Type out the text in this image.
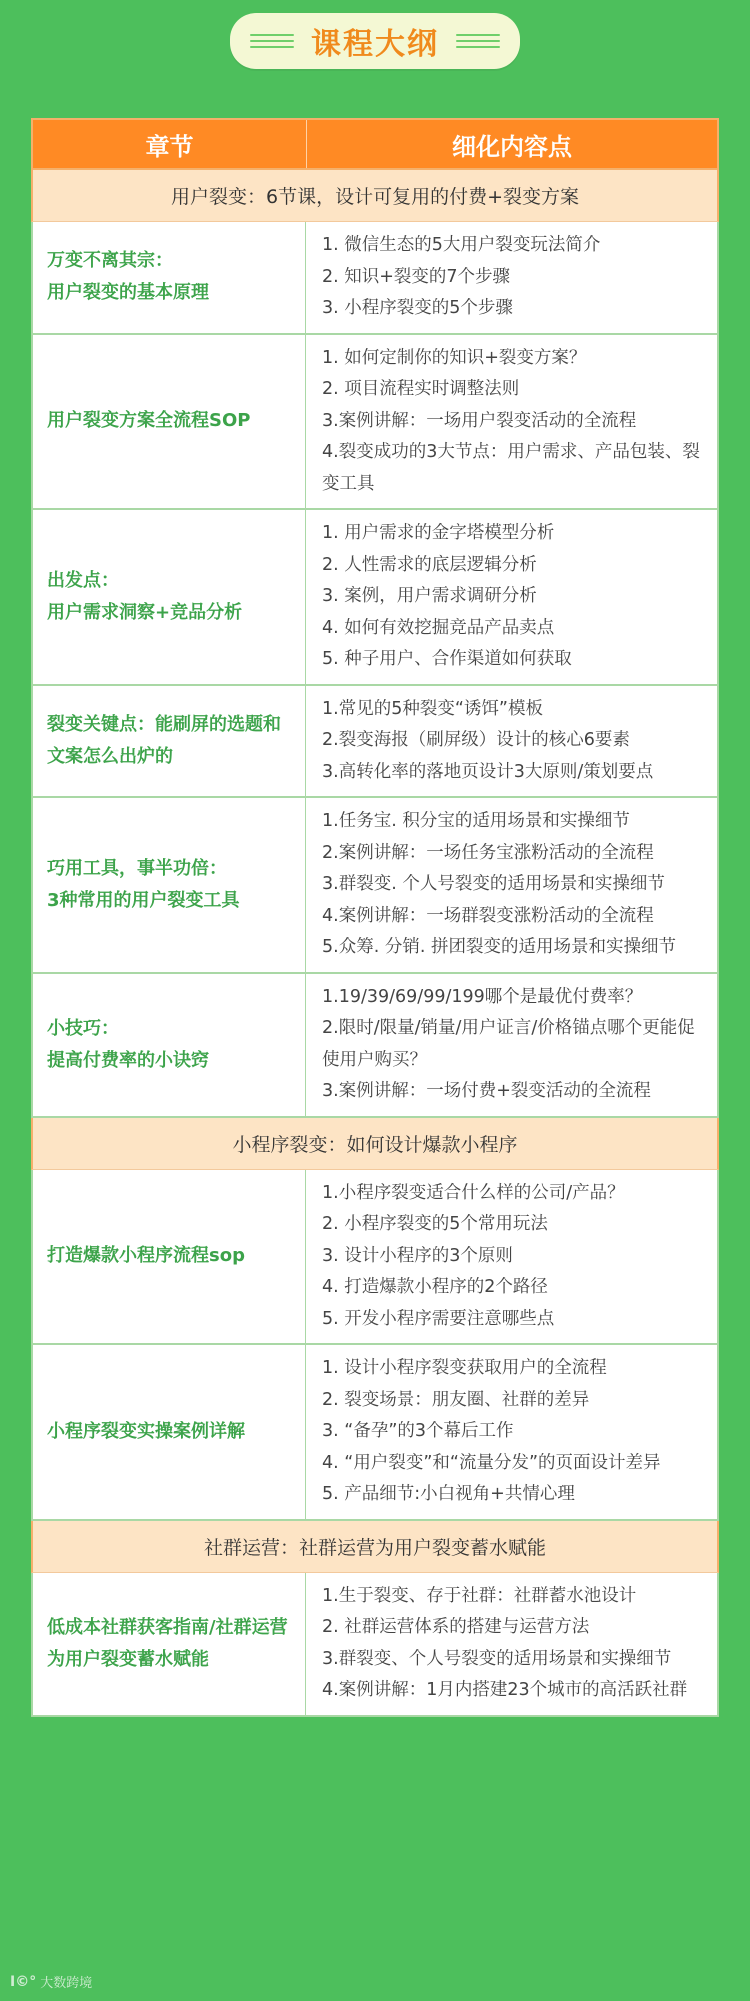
课程大纲
章节	细化内容点
用户裂变：6节课，设计可复用的付费+裂变方案
万变不离其宗：
用户裂变的基本原理

1. 微信生态的5大用户裂变玩法简介

2. 知识+裂变的7个步骤

3. 小程序裂变的5个步骤

用户裂变方案全流程SOP

1. 如何定制你的知识+裂变方案？

2. 项目流程实时调整法则

3.案例讲解：一场用户裂变活动的全流程

4.裂变成功的3大节点：用户需求、产品包装、裂变工具

出发点：
用户需求洞察+竞品分析

1. 用户需求的金字塔模型分析

2. 人性需求的底层逻辑分析

3. 案例，用户需求调研分析

4. 如何有效挖掘竞品产品卖点

5. 种子用户、合作渠道如何获取

裂变关键点：能刷屏的选题和文案怎么出炉的

1.常见的5种裂变“诱饵”模板

2.裂变海报（刷屏级）设计的核心6要素

3.高转化率的落地页设计3大原则/策划要点

巧用工具，事半功倍：
3种常用的用户裂变工具

1.任务宝. 积分宝的适用场景和实操细节

2.案例讲解：一场任务宝涨粉活动的全流程

3.群裂变. 个人号裂变的适用场景和实操细节

4.案例讲解：一场群裂变涨粉活动的全流程

5.众筹. 分销. 拼团裂变的适用场景和实操细节

小技巧：
提高付费率的小诀窍

1.19/39/69/99/199哪个是最优付费率？

2.限时/限量/销量/用户证言/价格锚点哪个更能促使用户购买？

3.案例讲解：一场付费+裂变活动的全流程

小程序裂变：如何设计爆款小程序
打造爆款小程序流程sop

1.小程序裂变适合什么样的公司/产品？

2. 小程序裂变的5个常用玩法

3. 设计小程序的3个原则

4. 打造爆款小程序的2个路径

5. 开发小程序需要注意哪些点

小程序裂变实操案例详解

1. 设计小程序裂变获取用户的全流程

2. 裂变场景：朋友圈、社群的差异

3. “备孕”的3个幕后工作

4. “用户裂变”和“流量分发”的页面设计差异

5. 产品细节:小白视角+共情心理

社群运营：社群运营为用户裂变蓄水赋能
低成本社群获客指南/社群运营为用户裂变蓄水赋能

1.生于裂变、存于社群：社群蓄水池设计

2. 社群运营体系的搭建与运营方法

3.群裂变、个人号裂变的适用场景和实操细节

4.案例讲解：1月内搭建23个城市的高活跃社群

I©° 大数跨境
